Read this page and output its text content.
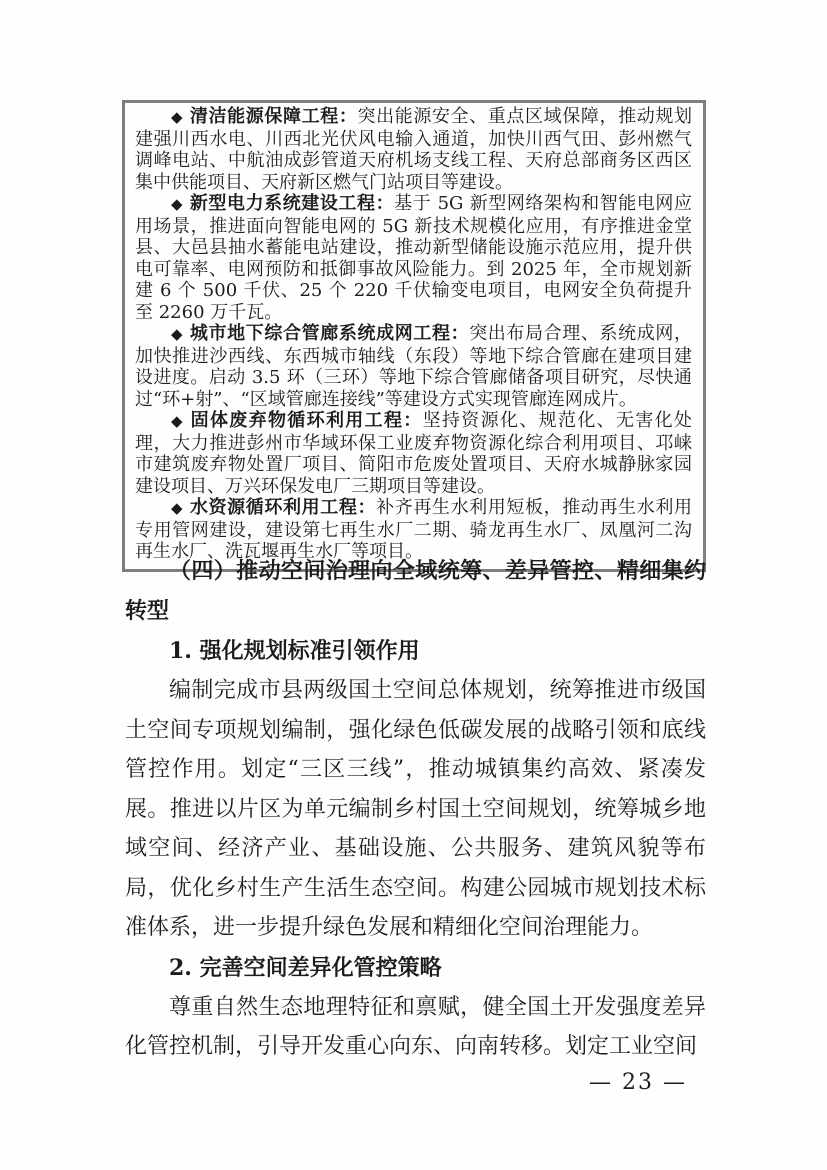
◆ 清洁能源保障工程：突出能源安全、重点区域保障，推动规划建强川西水电、川西北光伏风电输入通道，加快川西气田、彭州燃气调峰电站、中航油成彭管道天府机场支线工程、天府总部商务区西区集中供能项目、天府新区燃气门站项目等建设。

◆ 新型电力系统建设工程：基于 5G 新型网络架构和智能电网应用场景，推进面向智能电网的 5G 新技术规模化应用，有序推进金堂县、大邑县抽水蓄能电站建设，推动新型储能设施示范应用，提升供电可靠率、电网预防和抵御事故风险能力。到 2025 年，全市规划新建 6 个 500 千伏、25 个 220 千伏输变电项目，电网安全负荷提升至 2260 万千瓦。

◆ 城市地下综合管廊系统成网工程：突出布局合理、系统成网，加快推进沙西线、东西城市轴线（东段）等地下综合管廊在建项目建设进度。启动 3.5 环（三环）等地下综合管廊储备项目研究，尽快通过“环+射”、“区域管廊连接线”等建设方式实现管廊连网成片。

◆ 固体废弃物循环利用工程：坚持资源化、规范化、无害化处理，大力推进彭州市华域环保工业废弃物资源化综合利用项目、邛崃市建筑废弃物处置厂项目、简阳市危废处置项目、天府水城静脉家园建设项目、万兴环保发电厂三期项目等建设。

◆ 水资源循环利用工程：补齐再生水利用短板，推动再生水利用专用管网建设，建设第七再生水厂二期、骑龙再生水厂、凤凰河二沟再生水厂、洗瓦堰再生水厂等项目。

（四）推动空间治理向全域统筹、差异管控、精细集约转型
1. 强化规划标准引领作用

编制完成市县两级国土空间总体规划，统筹推进市级国土空间专项规划编制，强化绿色低碳发展的战略引领和底线管控作用。划定“三区三线”，推动城镇集约高效、紧凑发展。推进以片区为单元编制乡村国土空间规划，统筹城乡地域空间、经济产业、基础设施、公共服务、建筑风貌等布局，优化乡村生产生活生态空间。构建公园城市规划技术标准体系，进一步提升绿色发展和精细化空间治理能力。

2. 完善空间差异化管控策略

尊重自然生态地理特征和禀赋，健全国土开发强度差异化管控机制，引导开发重心向东、向南转移。划定工业空间

— 23 —
